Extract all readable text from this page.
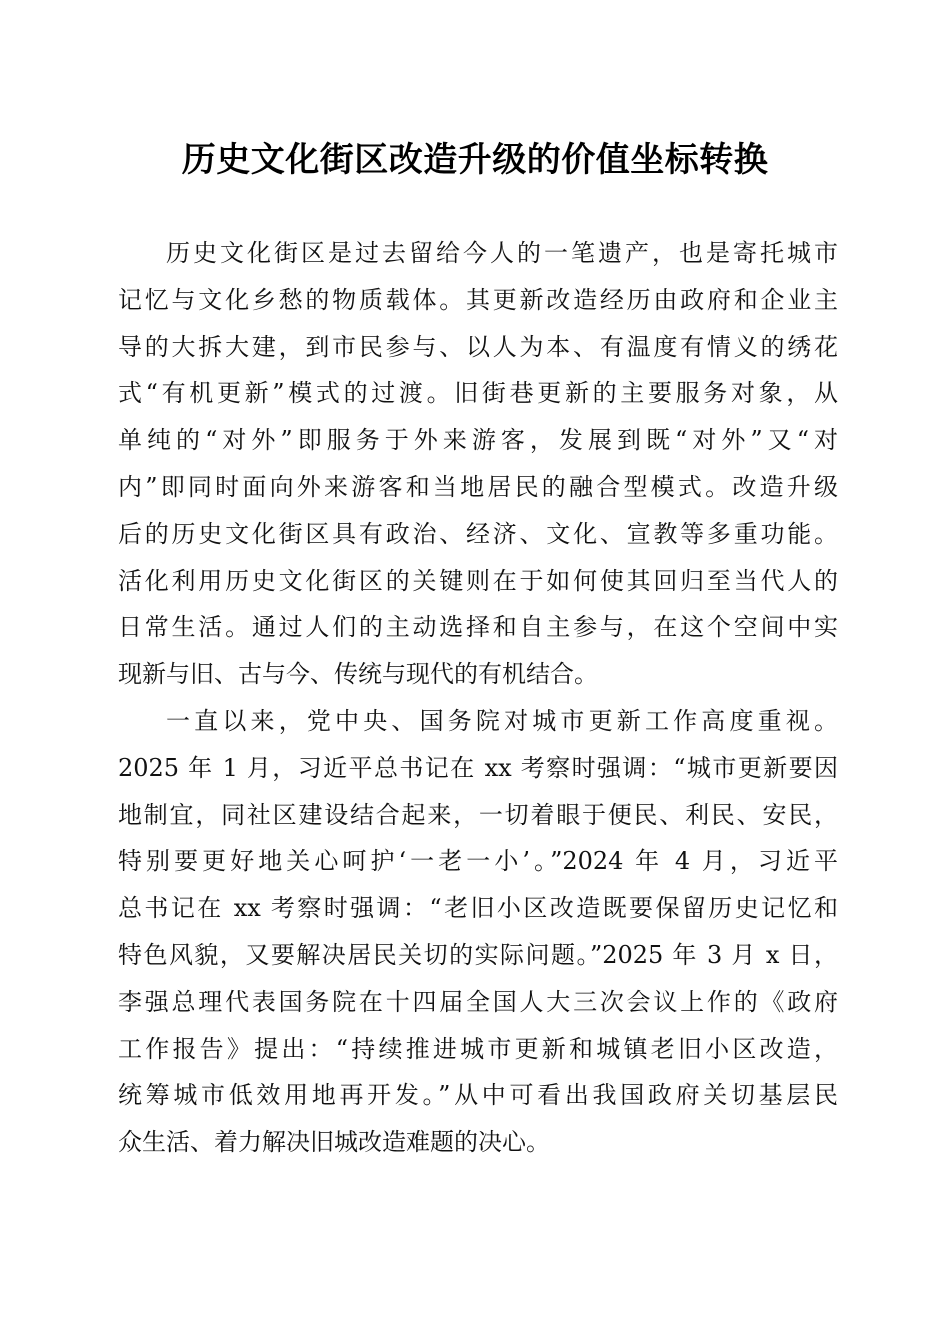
历史文化街区改造升级的价值坐标转换
历史文化街区是过去留给今人的一笔遗产，也是寄托城市
记忆与文化乡愁的物质载体。其更新改造经历由政府和企业主
导的大拆大建，到市民参与、以人为本、有温度有情义的绣花
式“有机更新”模式的过渡。旧街巷更新的主要服务对象，从
单纯的“对外”即服务于外来游客，发展到既“对外”又“对
内”即同时面向外来游客和当地居民的融合型模式。改造升级
后的历史文化街区具有政治、经济、文化、宣教等多重功能。
活化利用历史文化街区的关键则在于如何使其回归至当代人的
日常生活。通过人们的主动选择和自主参与，在这个空间中实
现新与旧、古与今、传统与现代的有机结合。
一直以来，党中央、国务院对城市更新工作高度重视。
2025 年 1 月，习近平总书记在 xx 考察时强调：“城市更新要因
地制宜，同社区建设结合起来，一切着眼于便民、利民、安民，
特别要更好地关心呵护‘一老一小’。”2024 年 4 月，习近平
总书记在 xx 考察时强调：“老旧小区改造既要保留历史记忆和
特色风貌，又要解决居民关切的实际问题。”2025 年 3 月 x 日，
李强总理代表国务院在十四届全国人大三次会议上作的《政府
工作报告》提出：“持续推进城市更新和城镇老旧小区改造，
统筹城市低效用地再开发。”从中可看出我国政府关切基层民
众生活、着力解决旧城改造难题的决心。
